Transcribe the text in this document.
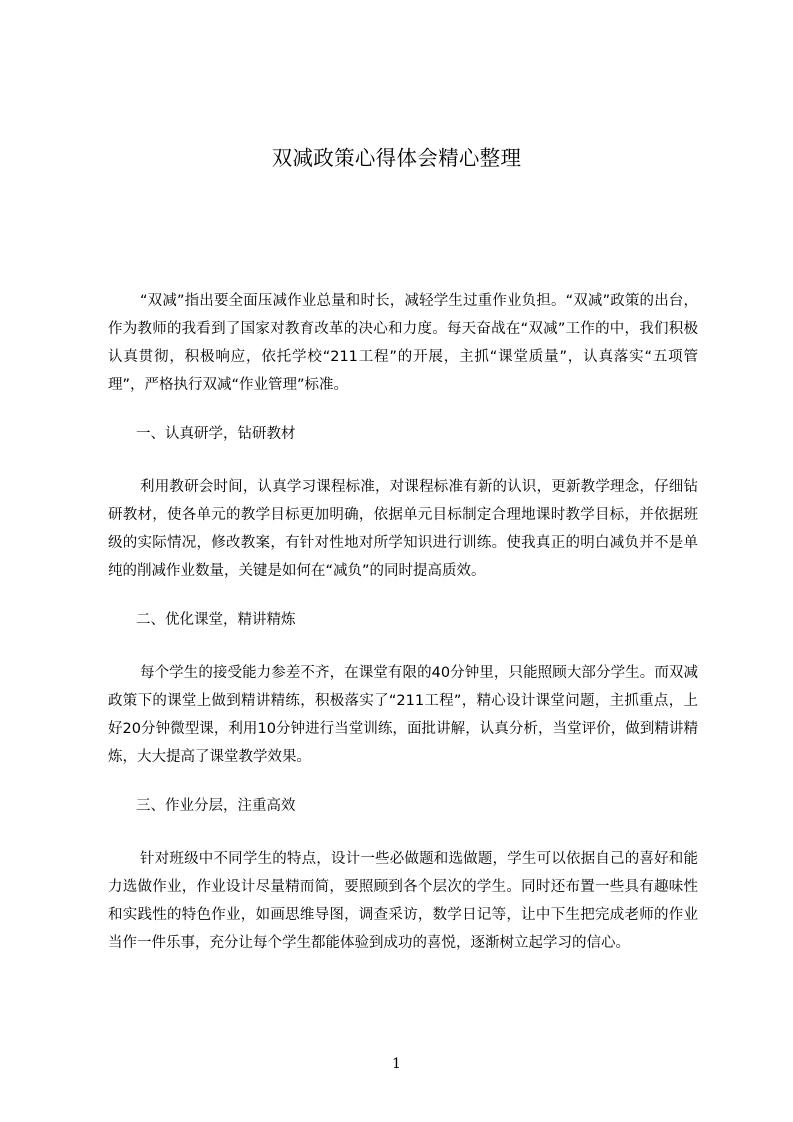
双减政策心得体会精心整理

“双减”指出要全面压减作业总量和时长，减轻学生过重作业负担。“双减”政策的出台，作为教师的我看到了国家对教育改革的决心和力度。每天奋战在“双减”工作的中，我们积极认真贯彻，积极响应，依托学校“211工程”的开展，主抓“课堂质量”，认真落实“五项管理”，严格执行双减“作业管理”标准。

一、认真研学，钻研教材

利用教研会时间，认真学习课程标准，对课程标准有新的认识，更新教学理念，仔细钻研教材，使各单元的教学目标更加明确，依据单元目标制定合理地课时教学目标，并依据班级的实际情况，修改教案，有针对性地对所学知识进行训练。使我真正的明白减负并不是单纯的削减作业数量，关键是如何在“减负”的同时提高质效。

二、优化课堂，精讲精炼

每个学生的接受能力参差不齐，在课堂有限的40分钟里，只能照顾大部分学生。而双减政策下的课堂上做到精讲精练，积极落实了“211工程”，精心设计课堂问题，主抓重点，上好20分钟微型课，利用10分钟进行当堂训练，面批讲解，认真分析，当堂评价，做到精讲精炼，大大提高了课堂教学效果。

三、作业分层，注重高效

针对班级中不同学生的特点，设计一些必做题和选做题，学生可以依据自己的喜好和能力选做作业，作业设计尽量精而简，要照顾到各个层次的学生。同时还布置一些具有趣味性和实践性的特色作业，如画思维导图，调查采访，数学日记等，让中下生把完成老师的作业当作一件乐事，充分让每个学生都能体验到成功的喜悦，逐渐树立起学习的信心。

1
